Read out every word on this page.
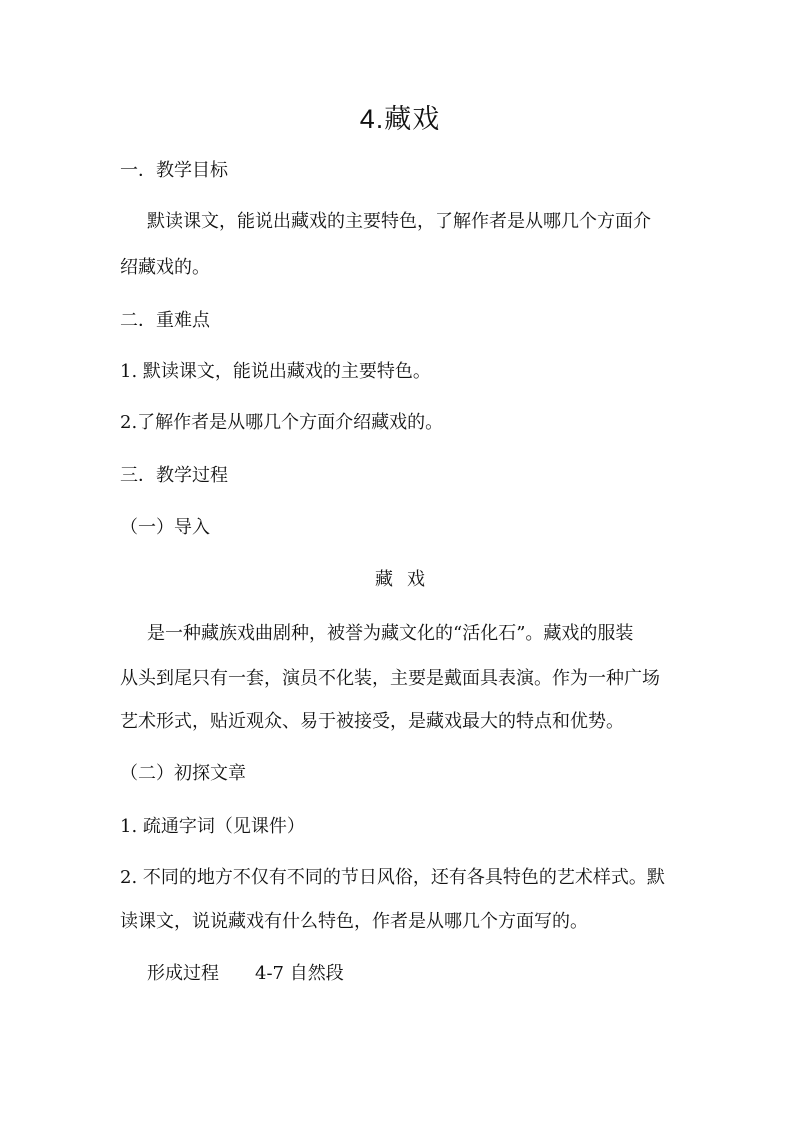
4.藏戏
一．教学目标
默读课文，能说出藏戏的主要特色，了解作者是从哪几个方面介
绍藏戏的。
二．重难点
1. 默读课文，能说出藏戏的主要特色。
2.了解作者是从哪几个方面介绍藏戏的。
三．教学过程
（一）导入
藏戏
是一种藏族戏曲剧种，被誉为藏文化的“活化石”。藏戏的服装
从头到尾只有一套，演员不化装，主要是戴面具表演。作为一种广场
艺术形式，贴近观众、易于被接受，是藏戏最大的特点和优势。
（二）初探文章
1. 疏通字词（见课件）
2. 不同的地方不仅有不同的节日风俗，还有各具特色的艺术样式。默
读课文，说说藏戏有什么特色，作者是从哪几个方面写的。
形成过程 4-7 自然段
